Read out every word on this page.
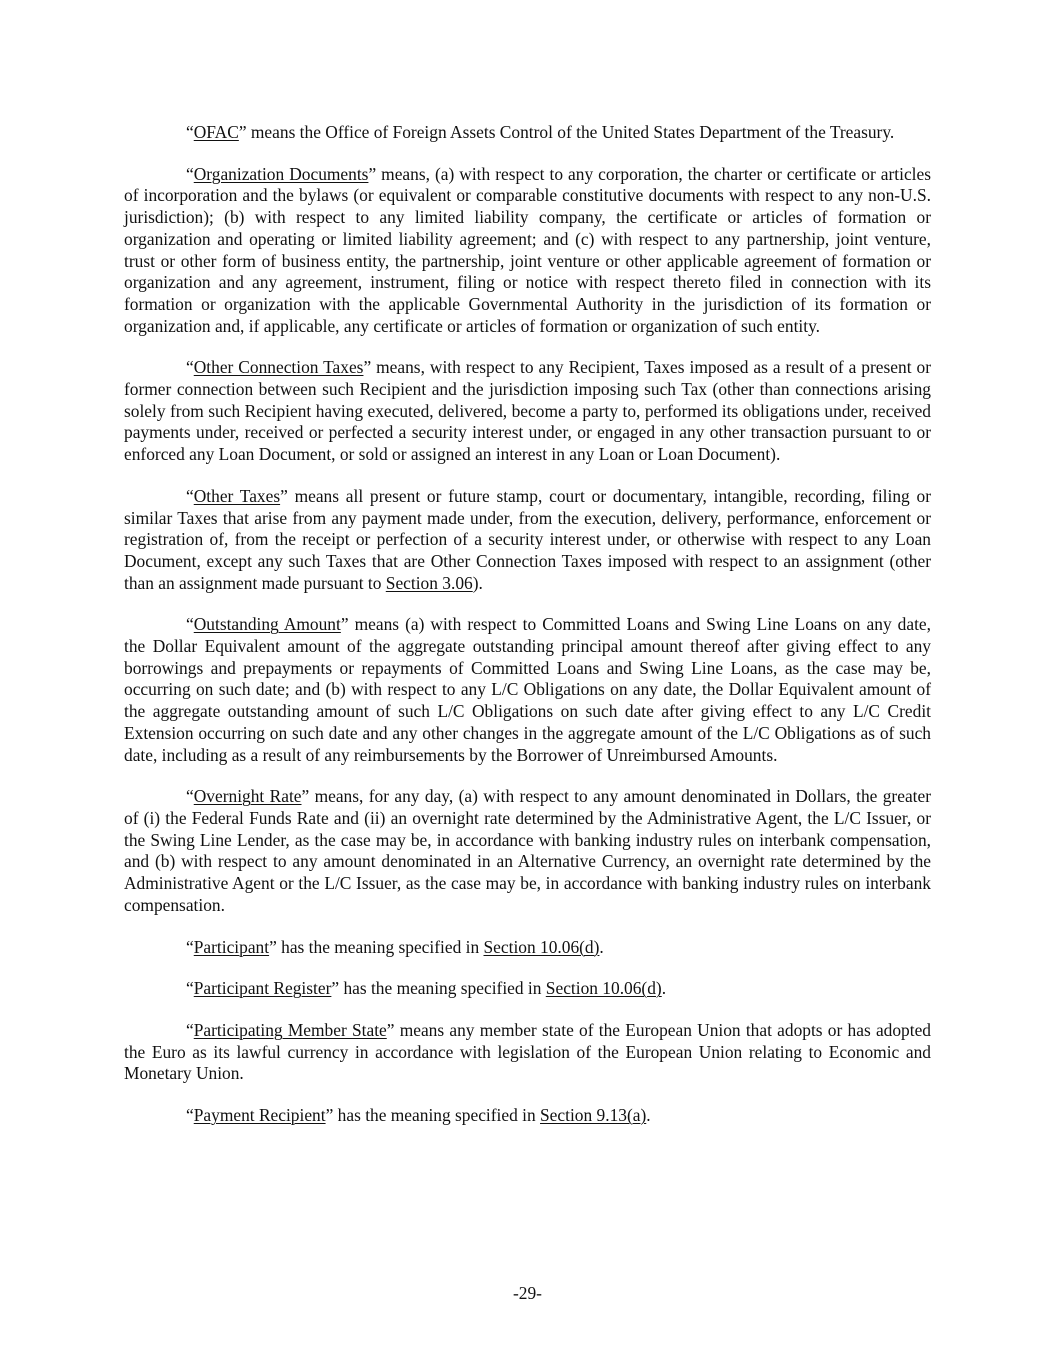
“OFAC” means the Office of Foreign Assets Control of the United States Department of the Treasury.

“Organization Documents” means, (a) with respect to any corporation, the charter or certificate or articles of incorporation and the bylaws (or equivalent or comparable constitutive documents with respect to any non-U.S. jurisdiction); (b) with respect to any limited liability company, the certificate or articles of formation or organization and operating or limited liability agreement; and (c) with respect to any partnership, joint venture, trust or other form of business entity, the partnership, joint venture or other applicable agreement of formation or organization and any agreement, instrument, filing or notice with respect thereto filed in connection with its formation or organization with the applicable Governmental Authority in the jurisdiction of its formation or organization and, if applicable, any certificate or articles of formation or organization of such entity.

“Other Connection Taxes” means, with respect to any Recipient, Taxes imposed as a result of a present or former connection between such Recipient and the jurisdiction imposing such Tax (other than connections arising solely from such Recipient having executed, delivered, become a party to, performed its obligations under, received payments under, received or perfected a security interest under, or engaged in any other transaction pursuant to or enforced any Loan Document, or sold or assigned an interest in any Loan or Loan Document).

“Other Taxes” means all present or future stamp, court or documentary, intangible, recording, filing or similar Taxes that arise from any payment made under, from the execution, delivery, performance, enforcement or registration of, from the receipt or perfection of a security interest under, or otherwise with respect to any Loan Document, except any such Taxes that are Other Connection Taxes imposed with respect to an assignment (other than an assignment made pursuant to Section 3.06).

“Outstanding Amount” means (a) with respect to Committed Loans and Swing Line Loans on any date, the Dollar Equivalent amount of the aggregate outstanding principal amount thereof after giving effect to any borrowings and prepayments or repayments of Committed Loans and Swing Line Loans, as the case may be, occurring on such date; and (b) with respect to any L/C Obligations on any date, the Dollar Equivalent amount of the aggregate outstanding amount of such L/C Obligations on such date after giving effect to any L/C Credit Extension occurring on such date and any other changes in the aggregate amount of the L/C Obligations as of such date, including as a result of any reimbursements by the Borrower of Unreimbursed Amounts.

“Overnight Rate” means, for any day, (a) with respect to any amount denominated in Dollars, the greater of (i) the Federal Funds Rate and (ii) an overnight rate determined by the Administrative Agent, the L/C Issuer, or the Swing Line Lender, as the case may be, in accordance with banking industry rules on interbank compensation, and (b) with respect to any amount denominated in an Alternative Currency, an overnight rate determined by the Administrative Agent or the L/C Issuer, as the case may be, in accordance with banking industry rules on interbank compensation.

“Participant” has the meaning specified in Section 10.06(d).

“Participant Register” has the meaning specified in Section 10.06(d).

“Participating Member State” means any member state of the European Union that adopts or has adopted the Euro as its lawful currency in accordance with legislation of the European Union relating to Economic and Monetary Union.

“Payment Recipient” has the meaning specified in Section 9.13(a).

-29-
